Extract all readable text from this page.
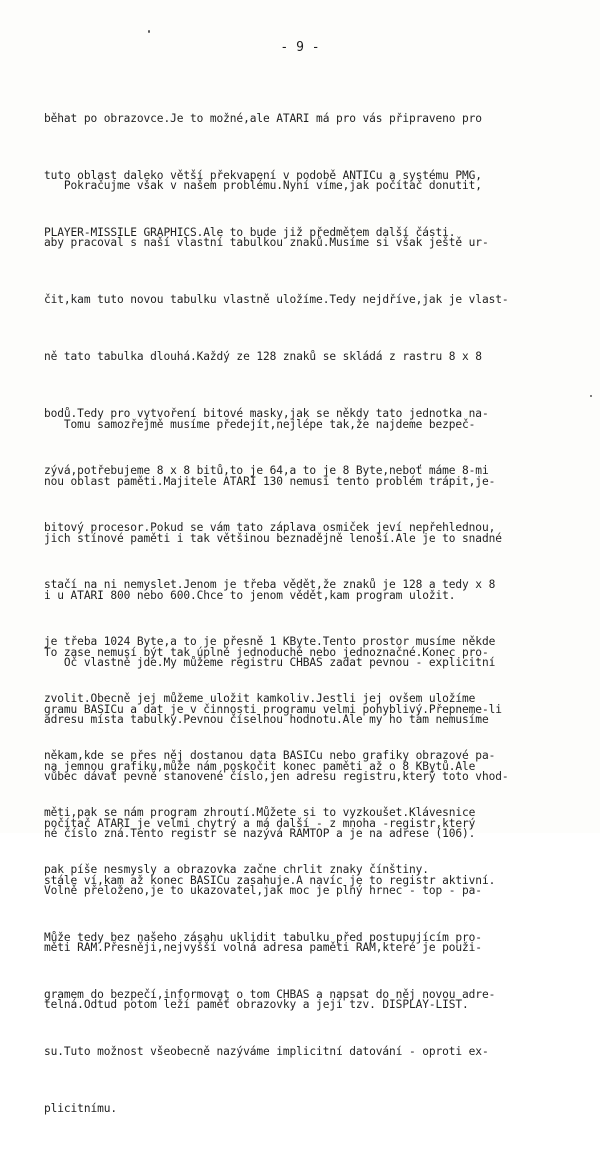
- 9 -

běhat po obrazovce.Je to možné,ale ATARI má pro vás připraveno pro

tuto oblast daleko větší překvapení v podobě ANTICu a systému PMG,

PLAYER-MISSILE GRAPHICS.Ale to bude již předmětem další části.

Pokračujme však v našem problému.Nyní víme,jak počítač donutit,

aby pracoval s naší vlastní tabulkou znaků.Musíme si však ještě ur-

čit,kam tuto novou tabulku vlastně uložíme.Tedy nejdříve,jak je vlast-

ně tato tabulka dlouhá.Každý ze 128 znaků se skládá z rastru 8 x 8

bodů.Tedy pro vytvoření bitové masky,jak se někdy tato jednotka na-

zývá,potřebujeme 8 x 8 bitů,to je 64,a to je 8 Byte,neboť máme 8-mi

bitový procesor.Pokud se vám tato záplava osmiček jeví nepřehlednou,

stačí na ni nemyslet.Jenom je třeba vědět,že znaků je 128 a tedy x 8

je třeba 1024 Byte,a to je přesně 1 KByte.Tento prostor musíme někde

zvolit.Obecně jej můžeme uložit kamkoliv.Jestli jej ovšem uložíme

někam,kde se přes něj dostanou data BASICu nebo grafiky obrazové pa-

měti,pak se nám program zhroutí.Můžete si to vyzkoušet.Klávesnice

pak píše nesmysly a obrazovka začne chrlit znaky čínštiny.

Tomu samozřejmě musíme předejít,nejlépe tak,že najdeme bezpeč-

nou oblast paměti.Majitele ATARI 130 nemusí tento problém trápit,je-

jich stínové paměti i tak většinou beznadějně lenoší.Ale je to snadné

i u ATARI 800 nebo 600.Chce to jenom vědět,kam program uložit.

To zase nemusí být tak úplně jednoduché nebo jednoznačné.Konec pro-

gramu BASICu a dat je v činnosti programu velmi pohyblivý.Přepneme-li

na jemnou grafiku,může nám poskočit konec paměti až o 8 KBytů.Ale

počítač ATARI je velmi chytrý a má další - z mnoha -registr,který

stále ví,kam až konec BASICu zasahuje.A navíc je to registr aktivní.

Může tedy bez našeho zásahu uklidit tabulku před postupujícím pro-

gramem do bezpečí,informovat o tom CHBAS a napsat do něj novou adre-

su.Tuto možnost všeobecně nazýváme implicitní datování - oproti ex-

plicitnímu.

Oč vlastně jde.My můžeme registru CHBAS zadat pevnou - explicitní

adresu místa tabulky.Pevnou číselnou hodnotu.Ale my ho tam nemusíme

vůbec dávat pevně stanovené číslo,jen adresu registru,který toto vhod-

né číslo zná.Tento registr se nazývá RAMTOP a je na adrese (106).

Volně přeloženo,je to ukazovatel,jak moc je plný hrnec - top - pa-

měti RAM.Přesněji,nejvyšší volná adresa paměti RAM,které je použi-

telná.Odtud potom leží paměť obrazovky a její tzv. DISPLAY-LIST.
